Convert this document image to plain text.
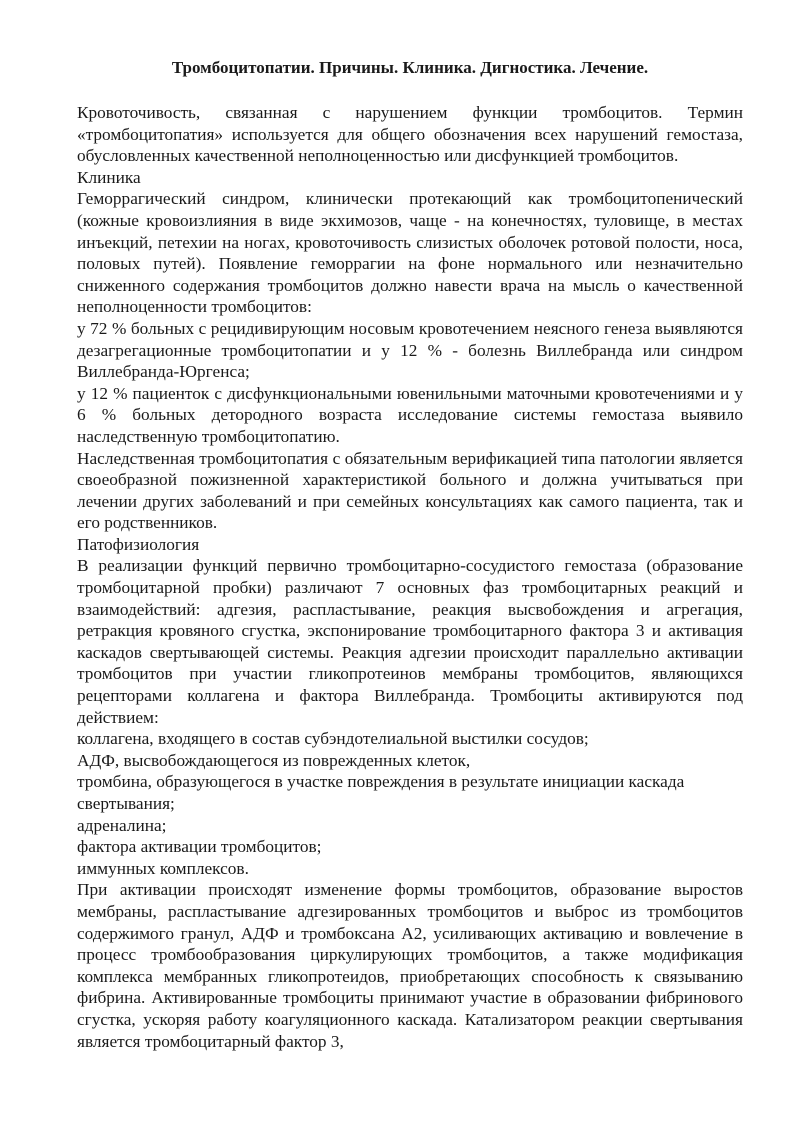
Тромбоцитопатии. Причины. Клиника. Дигностика. Лечение.

Кровоточивость, связанная с нарушением функции тромбоцитов. Термин «тромбоцитопатия» используется для общего обозначения всех нарушений гемостаза, обусловленных качественной неполноценностью или дисфункцией тромбоцитов.

Клиника

Геморрагический синдром, клинически протекающий как тромбоцитопенический (кожные кровоизлияния в виде экхимозов, чаще - на конечностях, туловище, в местах инъекций, петехии на ногах, кровоточивость слизистых оболочек ротовой полости, носа, половых путей). Появление геморрагии на фоне нормального или незначительно сниженного содержания тромбоцитов должно навести врача на мысль о качественной неполноценности тромбоцитов:

у 72 % больных с рецидивирующим носовым кровотечением неясного генеза выявляются дезагрегационные тромбоцитопатии и у 12 % - болезнь Виллебранда или синдром Виллебранда-Юргенса;

у 12 % пациенток с дисфункциональными ювенильными маточными кровотечениями и у 6 % больных детородного возраста исследование системы гемостаза выявило наследственную тромбоцитопатию.

Наследственная тромбоцитопатия с обязательным верификацией типа патологии является своеобразной пожизненной характеристикой больного и должна учитываться при лечении других заболеваний и при семейных консультациях как самого пациента, так и его родственников.

Патофизиология

В реализации функций первично тромбоцитарно-сосудистого гемостаза (образование тромбоцитарной пробки) различают 7 основных фаз тромбоцитарных реакций и взаимодействий: адгезия, распластывание, реакция высвобождения и агрегация, ретракция кровяного сгустка, экспонирование тромбоцитарного фактора 3 и активация каскадов свертывающей системы. Реакция адгезии происходит параллельно активации тромбоцитов при участии гликопротеинов мембраны тромбоцитов, являющихся рецепторами коллагена и фактора Виллебранда. Тромбоциты активируются под действием:

коллагена, входящего в состав субэндотелиальной выстилки сосудов;

АДФ, высвобождающегося из поврежденных клеток,

тромбина, образующегося в участке повреждения в результате инициации каскада свертывания;

адреналина;

фактора активации тромбоцитов;

иммунных комплексов.

При активации происходят изменение формы тромбоцитов, образование выростов мембраны, распластывание адгезированных тромбоцитов и выброс из тромбоцитов содержимого гранул, АДФ и тромбоксана А2, усиливающих активацию и вовлечение в процесс тромбообразования циркулирующих тромбоцитов, а также модификация комплекса мембранных гликопротеидов, приобретающих способность к связыванию фибрина. Активированные тромбоциты принимают участие в образовании фибринового сгустка, ускоряя работу коагуляционного каскада. Катализатором реакции свертывания является тромбоцитарный фактор 3,
